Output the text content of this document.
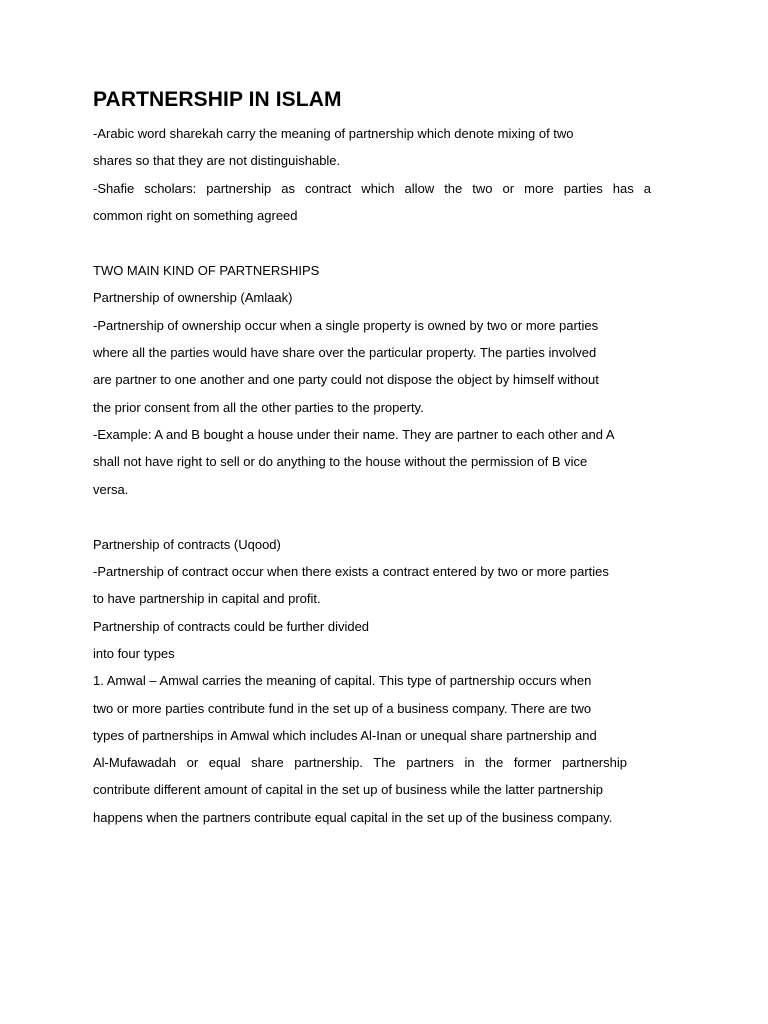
PARTNERSHIP IN ISLAM
-Arabic word sharekah carry the meaning of partnership which denote mixing of two
shares so that they are not distinguishable.
-Shafie scholars: partnership as contract which allow the two or more parties has a
common right on something agreed
TWO MAIN KIND OF PARTNERSHIPS
Partnership of ownership (Amlaak)
-Partnership of ownership occur when a single property is owned by two or more parties
where all the parties would have share over the particular property. The parties involved
are partner to one another and one party could not dispose the object by himself without
the prior consent from all the other parties to the property.
-Example: A and B bought a house under their name. They are partner to each other and A
shall not have right to sell or do anything to the house without the permission of B vice
versa.
Partnership of contracts (Uqood)
-Partnership of contract occur when there exists a contract entered by two or more parties
to have partnership in capital and profit.
Partnership of contracts could be further divided
into four types
1. Amwal – Amwal carries the meaning of capital. This type of partnership occurs when
two or more parties contribute fund in the set up of a business company. There are two
types of partnerships in Amwal which includes Al-Inan or unequal share partnership and
Al-Mufawadah or equal share partnership. The partners in the former partnership
contribute different amount of capital in the set up of business while the latter partnership
happens when the partners contribute equal capital in the set up of the business company.
